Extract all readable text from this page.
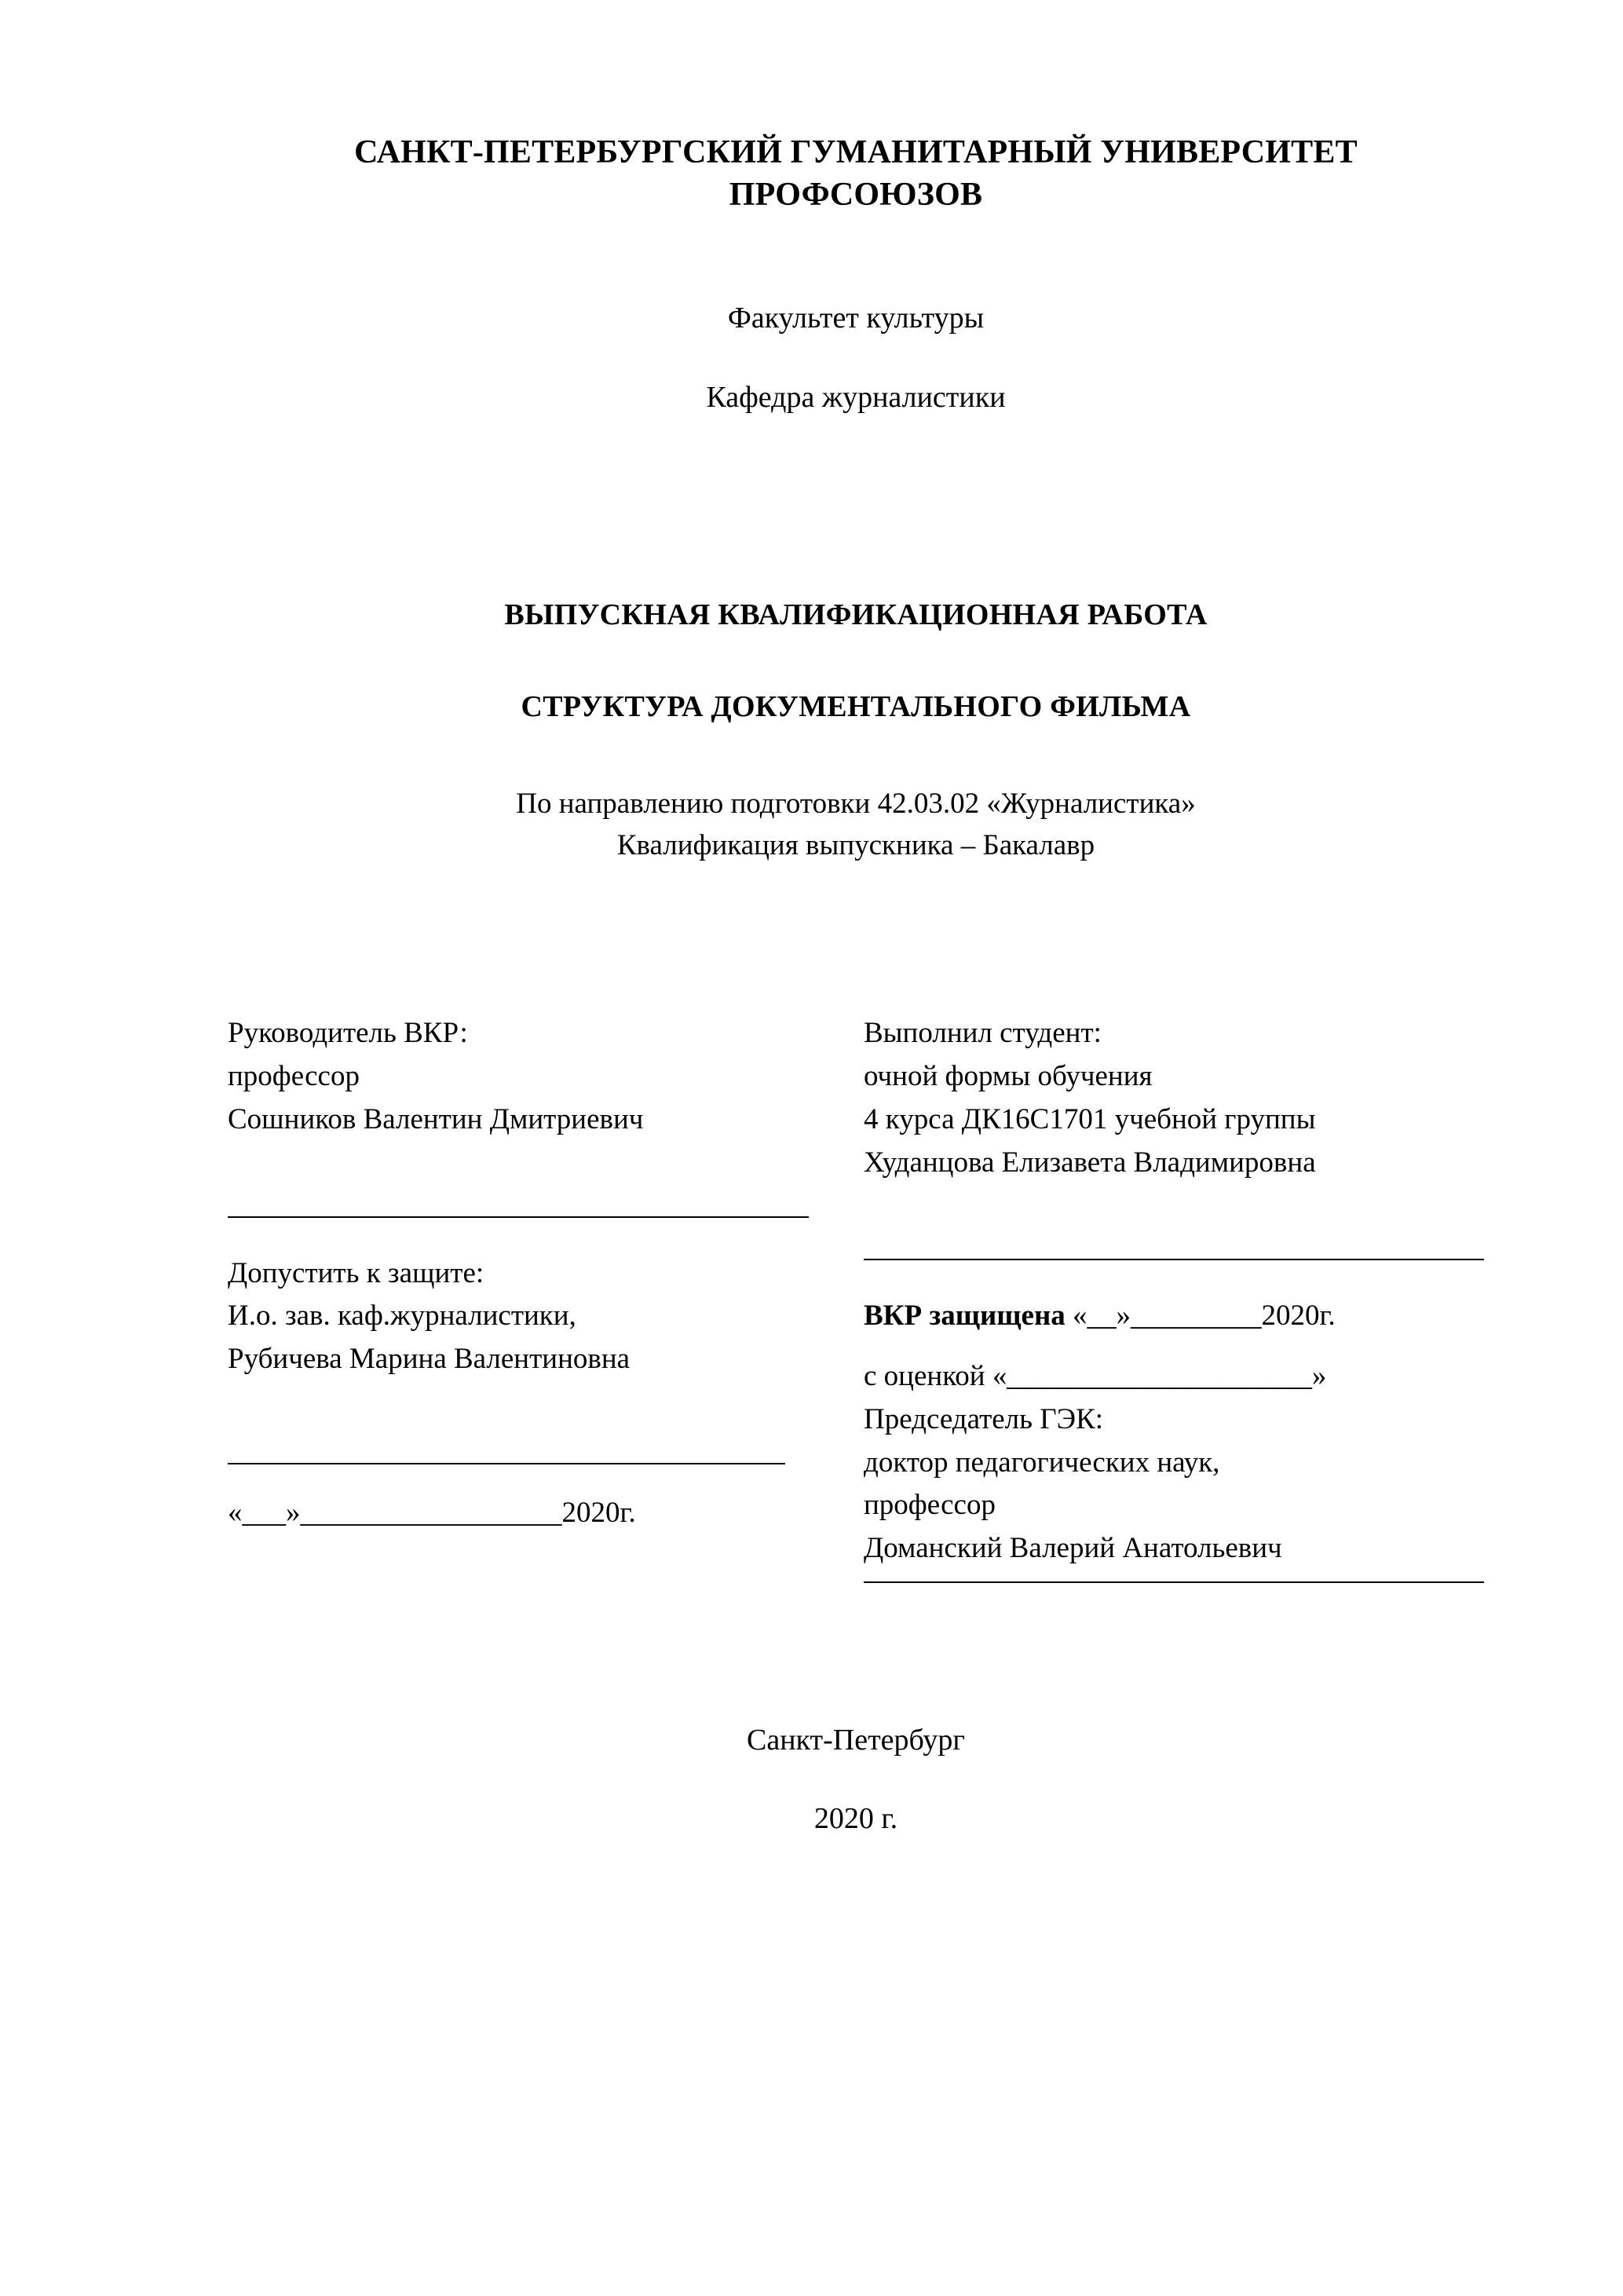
САНКТ-ПЕТЕРБУРГСКИЙ ГУМАНИТАРНЫЙ УНИВЕРСИТЕТ ПРОФСОЮЗОВ
Факультет культуры
Кафедра журналистики
ВЫПУСКНАЯ КВАЛИФИКАЦИОННАЯ РАБОТА
СТРУКТУРА ДОКУМЕНТАЛЬНОГО ФИЛЬМА
По направлению подготовки 42.03.02 «Журналистика»
Квалификация выпускника – Бакалавр
Руководитель ВКР:
профессор
Сошников Валентин Дмитриевич
Допустить к защите:
И.о. зав. каф.журналистики,
Рубичева Марина Валентиновна
«___»__________________2020г.
Выполнил студент:
очной формы обучения
4 курса ДК16С1701 учебной группы
Худанцова Елизавета Владимировна
ВКР защищена «__»_________2020г.
с оценкой «_____________________»
Председатель ГЭК:
доктор педагогических наук,
профессор
Доманский Валерий Анатольевич
Санкт-Петербург
2020 г.
